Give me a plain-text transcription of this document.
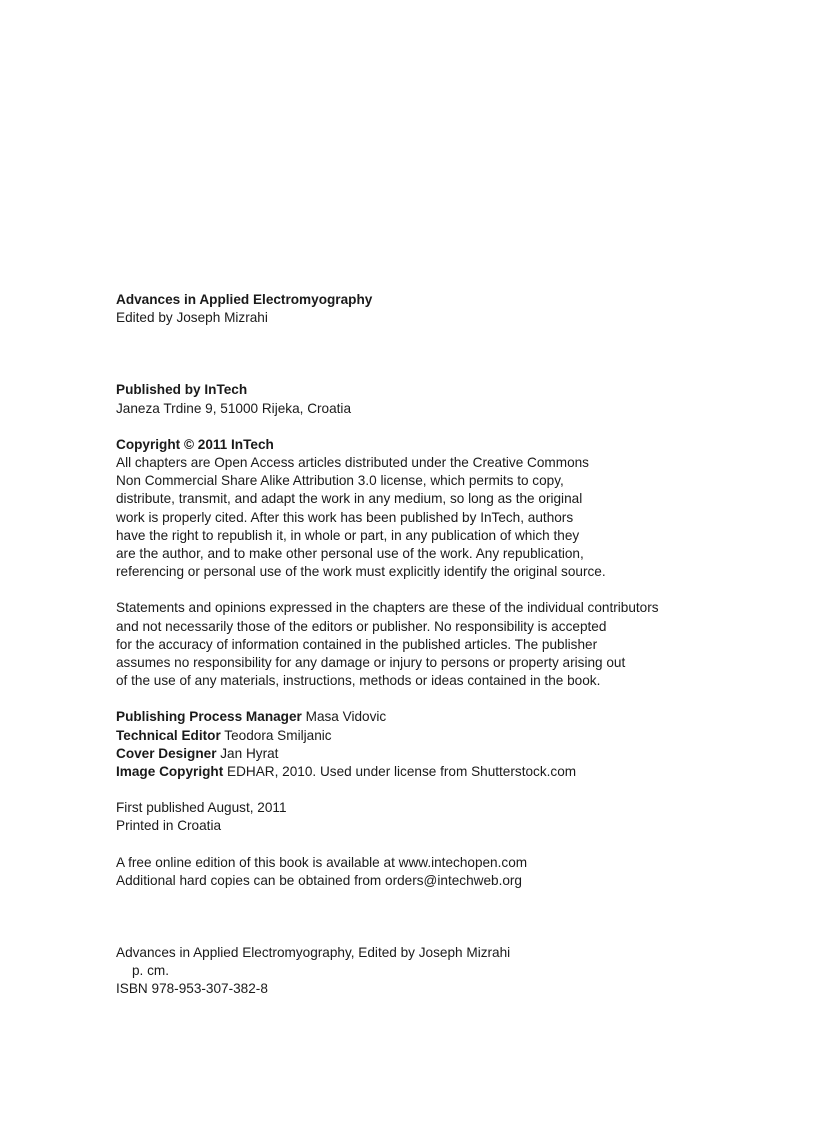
Advances in Applied Electromyography
Edited by Joseph Mizrahi
Published by InTech
Janeza Trdine 9, 51000 Rijeka, Croatia
Copyright © 2011 InTech
All chapters are Open Access articles distributed under the Creative Commons
Non Commercial Share Alike Attribution 3.0 license, which permits to copy,
distribute, transmit, and adapt the work in any medium, so long as the original
work is properly cited. After this work has been published by InTech, authors
have the right to republish it, in whole or part, in any publication of which they
are the author, and to make other personal use of the work. Any republication,
referencing or personal use of the work must explicitly identify the original source.
Statements and opinions expressed in the chapters are these of the individual contributors
and not necessarily those of the editors or publisher. No responsibility is accepted
for the accuracy of information contained in the published articles. The publisher
assumes no responsibility for any damage or injury to persons or property arising out
of the use of any materials, instructions, methods or ideas contained in the book.
Publishing Process Manager Masa Vidovic
Technical Editor Teodora Smiljanic
Cover Designer Jan Hyrat
Image Copyright EDHAR, 2010. Used under license from Shutterstock.com
First published August, 2011
Printed in Croatia
A free online edition of this book is available at www.intechopen.com
Additional hard copies can be obtained from orders@intechweb.org
Advances in Applied Electromyography, Edited by Joseph Mizrahi
p. cm.
ISBN 978-953-307-382-8
